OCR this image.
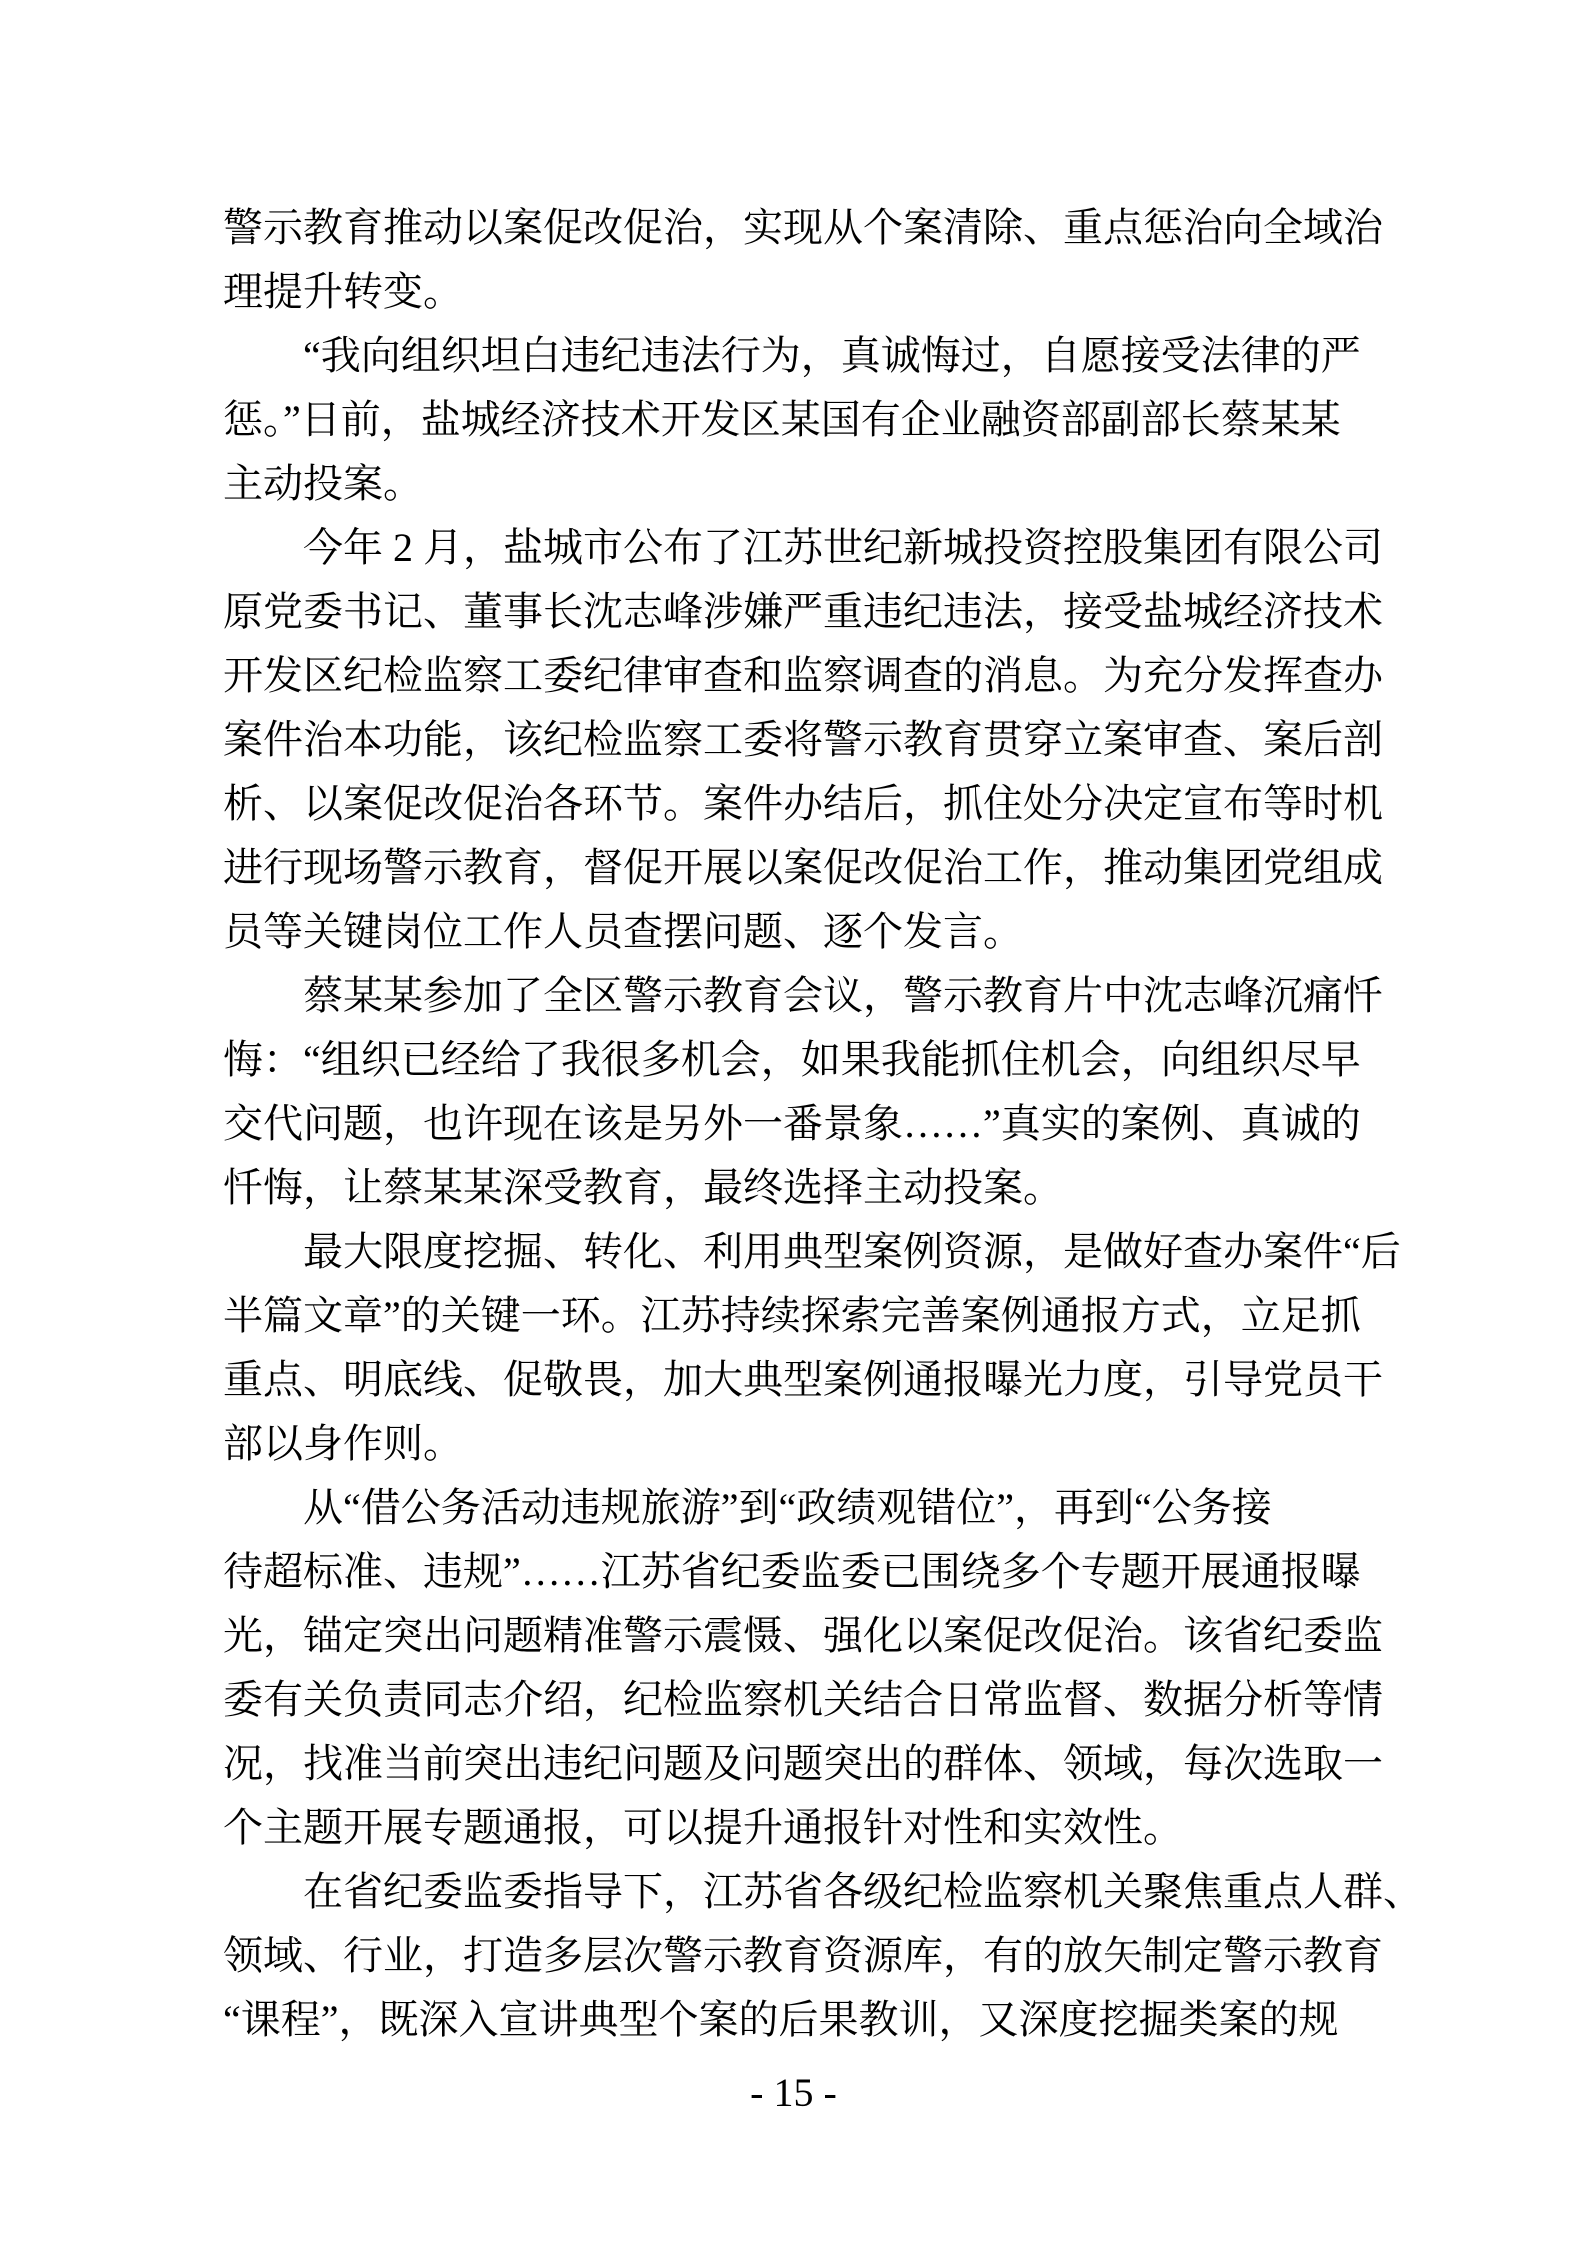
警示教育推动以案促改促治，实现从个案清除、重点惩治向全域治
理提升转变。
　　“我向组织坦白违纪违法行为，真诚悔过，自愿接受法律的严
惩。”日前，盐城经济技术开发区某国有企业融资部副部长蔡某某
主动投案。
　　今年 2 月，盐城市公布了江苏世纪新城投资控股集团有限公司
原党委书记、董事长沈志峰涉嫌严重违纪违法，接受盐城经济技术
开发区纪检监察工委纪律审查和监察调查的消息。为充分发挥查办
案件治本功能，该纪检监察工委将警示教育贯穿立案审查、案后剖
析、以案促改促治各环节。案件办结后，抓住处分决定宣布等时机
进行现场警示教育，督促开展以案促改促治工作，推动集团党组成
员等关键岗位工作人员查摆问题、逐个发言。
　　蔡某某参加了全区警示教育会议，警示教育片中沈志峰沉痛忏
悔：“组织已经给了我很多机会，如果我能抓住机会，向组织尽早
交代问题，也许现在该是另外一番景象……”真实的案例、真诚的
忏悔，让蔡某某深受教育，最终选择主动投案。
　　最大限度挖掘、转化、利用典型案例资源，是做好查办案件“后
半篇文章”的关键一环。江苏持续探索完善案例通报方式，立足抓
重点、明底线、促敬畏，加大典型案例通报曝光力度，引导党员干
部以身作则。
　　从“借公务活动违规旅游”到“政绩观错位”，再到“公务接
待超标准、违规”……江苏省纪委监委已围绕多个专题开展通报曝
光，锚定突出问题精准警示震慑、强化以案促改促治。该省纪委监
委有关负责同志介绍，纪检监察机关结合日常监督、数据分析等情
况，找准当前突出违纪问题及问题突出的群体、领域，每次选取一
个主题开展专题通报，可以提升通报针对性和实效性。
　　在省纪委监委指导下，江苏省各级纪检监察机关聚焦重点人群、
领域、行业，打造多层次警示教育资源库，有的放矢制定警示教育
“课程”，既深入宣讲典型个案的后果教训，又深度挖掘类案的规
- 15 -
